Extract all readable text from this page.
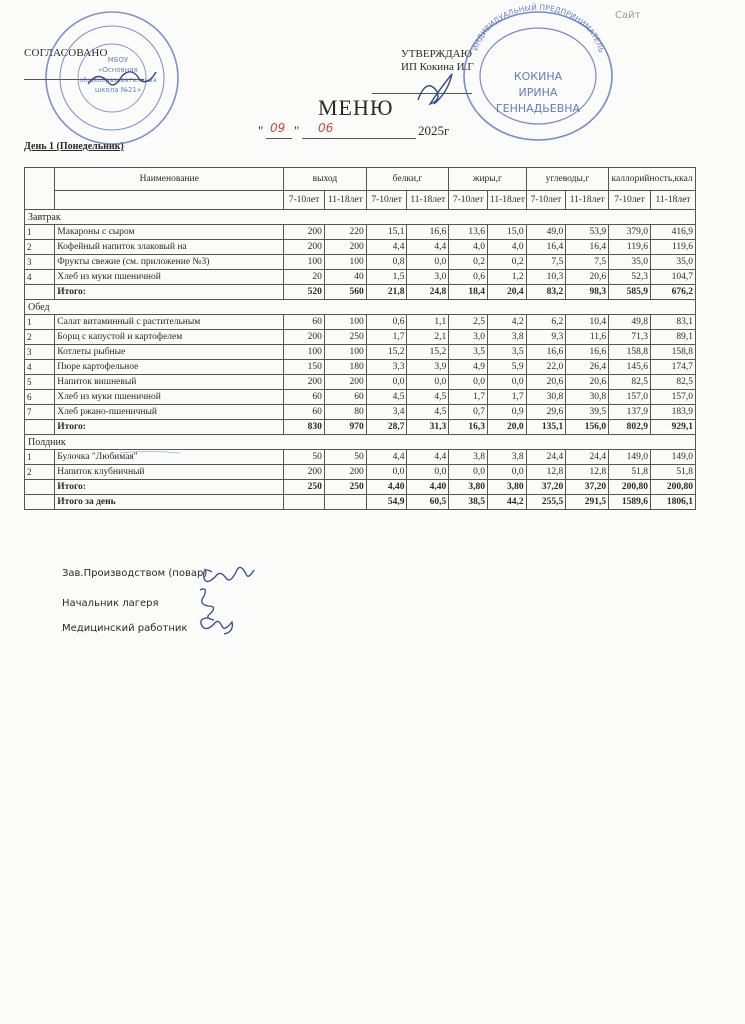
Сайт
СОГЛАСОВАНО	УТВЕРЖДАЮ
ИП Кокина И.Г
МЕНЮ
" 09 " 06	2025г
День 1 (Понедельник)
	Наименование	выход		белки,г		жиры,г		углеводы,г		каллорийность,ккал	
		7-10лет	11-18лет	7-10лет	11-18лет	7-10лет	11-18лет	7-10лет	11-18лет	7-10лет	11-18лет
Завтрак											
1	Макароны с сыром	200	220	15,1	16,6	13,6	15,0	49,0	53,9	379,0	416,9
2	Кофейный напиток злаковый на	200	200	4,4	4,4	4,0	4,0	16,4	16,4	119,6	119,6
3	Фрукты свежие (см. приложение №3)	100	100	0,8	0,0	0,2	0,2	7,5	7,5	35,0	35,0
4	Хлеб из муки пшеничной	20	40	1,5	3,0	0,6	1,2	10,3	20,6	52,3	104,7
	Итого:	520	560	21,8	24,8	18,4	20,4	83,2	98,3	585,9	676,2
Обед											
1	Салат витаминный с растительным	60	100	0,6	1,1	2,5	4,2	6,2	10,4	49,8	83,1
2	Борщ с капустой и картофелем	200	250	1,7	2,1	3,0	3,8	9,3	11,6	71,3	89,1
3	Котлеты рыбные	100	100	15,2	15,2	3,5	3,5	16,6	16,6	158,8	158,8
4	Пюре картофельное	150	180	3,3	3,9	4,9	5,9	22,0	26,4	145,6	174,7
5	Напиток вишневый	200	200	0,0	0,0	0,0	0,0	20,6	20,6	82,5	82,5
6	Хлеб из муки пшеничной	60	60	4,5	4,5	1,7	1,7	30,8	30,8	157,0	157,0
7	Хлеб ржано-пшеничный	60	80	3,4	4,5	0,7	0,9	29,6	39,5	137,9	183,9
	Итого:	830	970	28,7	31,3	16,3	20,0	135,1	156,0	802,9	929,1
Полдник											
1	Булочка "Любимая"	50	50	4,4	4,4	3,8	3,8	24,4	24,4	149,0	149,0
2	Напиток клубничный	200	200	0,0	0,0	0,0	0,0	12,8	12,8	51,8	51,8
	Итого:	250	250	4,40	4,40	3,80	3,80	37,20	37,20	200,80	200,80
	Итого за день			54,9	60,5	38,5	44,2	255,5	291,5	1589,6	1806,1
Зав.Производством (повар)
Начальник лагеря
Медицинский работник
КОКИНА
ИРИНА
ГЕННАДЬЕВНА
ИНДИВИДУАЛЬНЫЙ ПРЕДПРИНИМАТЕЛЬ
МБОУ
«Основная
общеобразовательная
школа №21»
